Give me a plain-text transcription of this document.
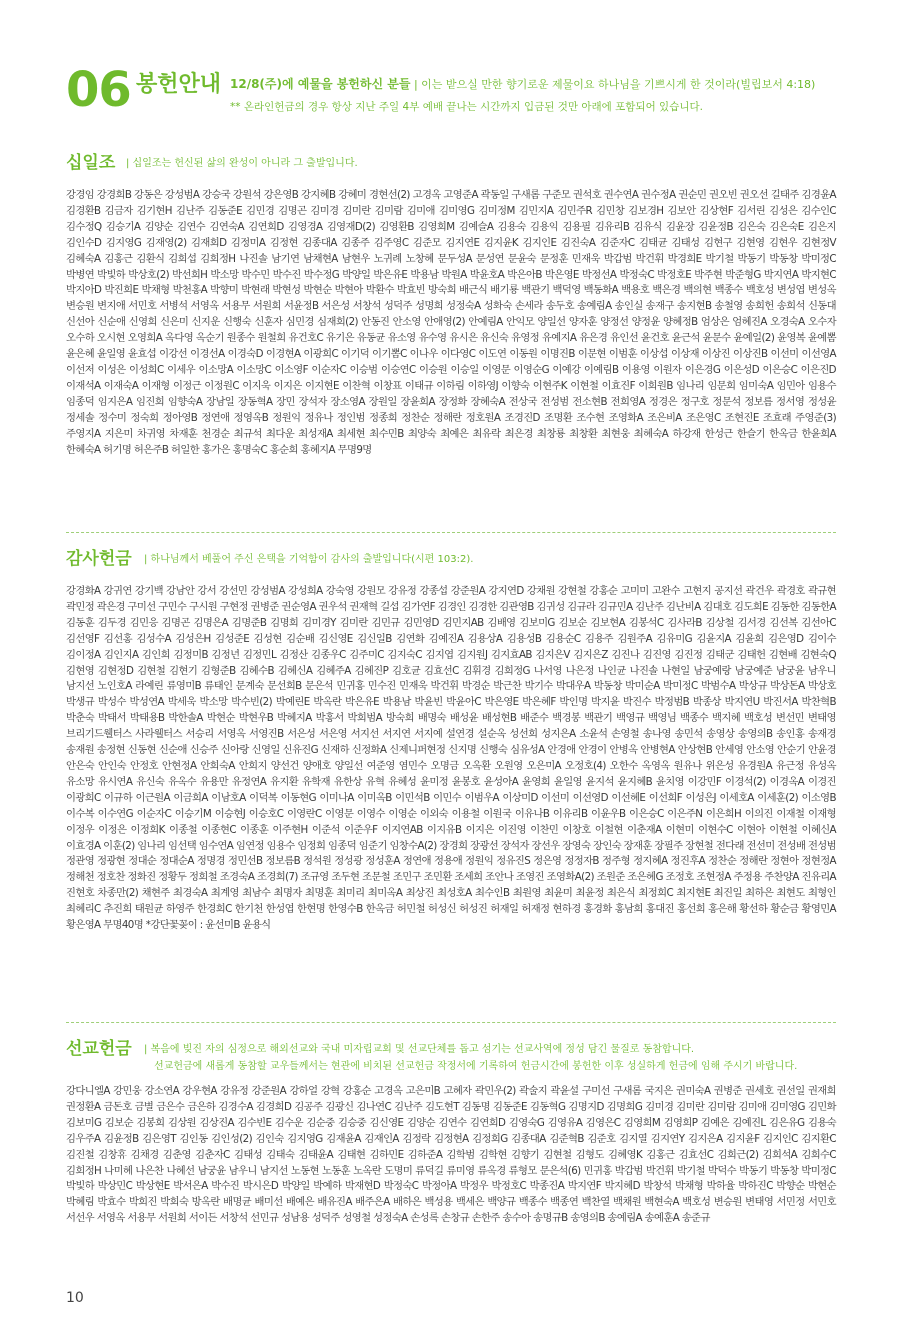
06 봉헌안내 12/8(주)에 예물을 봉헌하신 분들 | 이는 받으실 만한 향기로운 제물이요 하나님을 기쁘시게 한 것이라(빌립보서 4:18)
** 온라인헌금의 경우 항상 지난 주일 4부 예배 끝나는 시간까지 입금된 것만 아래에 포함되어 있습니다.
십일조 | 십일조는 헌신된 삶의 완성이 아니라 그 출발입니다.
강경임 강경희B 강동은 강성범A 강승국 강원석 강은영B 강지혜B 강혜미 경현선(2) 고경옥 고영준A 곽동일 구새롬 구준모 권석호 권수연A 권수정A 권순민 권오빈 권오선 길태주 김경윤A 김경환B 김금자 김기현H 김난주 김동준E 김민경 김명곤 김미경 김미란 김미람 김미애 김미영G 김미정M 김민지A 김민주R 김민창 김보경H 김보안 김상현F 김서린 김성은 김수인C 김수정Q 김승기A 김양순 김연수 김연숙A 김연희D 김영경A 김영재D(2) 김영환B 김영희M 김예슬A 김용숙 김용익 김용필 김유리B 김유식 김윤장 김윤정B 김은숙 김은숙E 김은지 김인수D 김지영G 김재영(2) 김재희D 김정미A 김정현 김종대A 김종주 김주영C 김준모 김지연E 김지윤K 김지인E 김진숙A 김준자C 김태균 김태성 김현구 김현영 김현우 김현정V 김혜숙A 김홍근 김환식 김희섭 김희정H 나진솔 남기연 남채현A 남현우 노귀례 노창혜 문두성A 문성연 문윤숙 문정훈 민재욱 박갑범 박건휘 박경희E 박기철 박동기 박동창 박미정C 박병연 박빛하 박상호(2) 박선희H 박소망 박수민 박수진 박수정G 박양일 박은유E 박용남 박원A 박윤호A 박은아B 박은영E 박정선A 박정숙C 박정호E 박주현 박준형G 박지연A 박지현C 박지아D 박진희E 박채형 박천홍A 박향미 박현래 박현성 박현순 박현아 박환수 박효빈 방숙희 배근식 배기룡 백관기 백덕영 백동화A 백용호 백은경 백의현 백종수 백호성 변성엽 변성옥 변승원 변지애 서민호 서병석 서영옥 서용무 서원희 서윤정B 서은성 서창석 성덕주 성명희 성정숙A 성화숙 손세라 송두호 송예림A 송인실 송재구 송지현B 송철영 송희헌 송희석 신동대 신선아 신순애 신영희 신은미 신지운 신행숙 신훈자 심민경 심재희(2) 안동진 안소영 안애영(2) 안예림A 안익모 양일선 양자훈 양정선 양정윤 양혜정B 엄상은 엄혜진A 오경숙A 오수자 오수하 오시현 오영희A 옥다영 옥순기 원종수 원철희 유건호C 유기은 유동균 유소영 유수영 유시은 유신숙 유영정 유예지A 유은경 유인선 윤건호 윤근석 윤문수 윤예일(2) 윤영복 윤예뽐 윤은혜 윤일영 윤효섭 이강선 이경선A 이경숙D 이경현A 이광희C 이기덕 이기뽐C 이나우 이다영C 이도연 이동원 이명진B 이문현 이범훈 이상섭 이상재 이상진 이상진B 이선미 이선영A 이선저 이성은 이성희C 이세우 이소망A 이소망C 이소영F 이순자C 이승범 이승연C 이승원 이승일 이영문 이영순G 이예강 이예림B 이용영 이원자 이은경G 이은성D 이은승C 이은진D 이재석A 이재숙A 이재형 이정근 이정원C 이지욱 이지은 이지현E 이찬혁 이창표 이태규 이하림 이하영J 이향숙 이현주K 이현철 이효진F 이희원B 임나리 임문희 임미숙A 임민아 임용수 임종덕 임지은A 임진희 임향숙A 장남일 장동혁A 장민 장석자 장소영A 장원일 장윤희A 장정화 장혜숙A 전상국 전성범 전소현B 전희영A 정경은 정구호 정문석 정보름 정서영 정성윤 정세솔 정수미 정숙희 정아영B 정연애 정영옥B 정원익 정유나 정인범 정종희 정찬순 정해란 정호원A 조경진D 조명환 조수현 조영화A 조은비A 조은영C 조현진E 조효래 주영준(3) 주영지A 지은미 차귀영 차재훈 천경순 최규석 최다운 최성재A 최세현 최수민B 최양숙 최예은 최유락 최은경 최창룡 최창환 최현웅 최혜숙A 하강재 한성근 한슬기 한옥금 한윤희A 한혜숙A 허기명 허은주B 허일한 홍가은 홍명숙C 홍순희 홍혜지A 무명9명
감사헌금 | 하나님께서 베풀어 주신 은택을 기억함이 감사의 출발입니다(시편 103:2).
강경화A 강귀연 강기백 강남안 강서 강선민 강성범A 강성희A 강숙영 강원모 강유정 강종섭 강준원A 강지연D 강채원 강현철 강홍순 고미미 고완수 고현지 공지선 곽건우 곽경호 곽규현 곽민정 곽은경 구미선 구민수 구시원 구현정 권병준 권순영A 권우석 권재혁 길섭 김가연F 김경인 김경한 김관영B 김귀성 김규라 김규민A 김난주 김난비A 김대호 김도희E 김동한 김동한A 김동훈 김두경 김민응 김명곤 김명은A 김명준B 김명희 김미경Y 김미란 김민규 김민영D 김민지AB 김배영 김보미G 김보순 김보현A 김봉석C 김사라B 김상철 김서경 김선복 김선아C 김선영F 김선홍 김성수A 김성은H 김성준E 김성현 김순배 김신영E 김신일B 김연화 김예진A 김용상A 김용성B 김용순C 김용주 김원주A 김유미G 김윤지A 김윤희 김은영D 김이수 김이정A 김인지A 김인희 김정미B 김정년 김정민L 김정산 김종우C 김주미C 김지숙C 김지엽 김지원J 김지효AB 김지은V 김지은Z 김진나 김진영 김진정 김태군 김태헌 김현배 김현숙Q 김현영 김현정D 김현철 김현기 김형준B 김혜수B 김혜신A 김혜주A 김혜진P 김호균 김효선C 김휘경 김희정G 나서영 나은정 나인균 나진솔 나현일 남궁예랑 남궁예준 남궁윤 남우니 남지선 노인호A 라예린 류영미B 류태인 문계숙 문선희B 문은석 민귀홍 민수진 민재욱 박건휘 박경순 박근찬 박기수 박대우A 박동창 박미순A 박미정C 박범수A 박상규 박상돈A 박상호 박생규 박성수 박성연A 박세욱 박소망 박수빈(2) 박예린E 박옥란 박은유E 박용남 박윤빈 박윤아C 박은영E 박은혜F 박인명 박지윤 박진수 박정범B 박종상 박지연U 박진서A 박찬혁B 박춘숙 박태서 박태용B 박한솔A 박현순 박현우B 박혜지A 박홍서 박희범A 방숙희 배명숙 배성윤 배성현B 배준수 백경봉 백관기 백영규 백영님 백종수 백지혜 백호성 변선민 변태영 브리기드웰터스 사라웰터스 서승리 서영옥 서영진B 서은성 서은영 서지선 서지연 서지예 설연경 설순옥 성선희 성지은A 소윤석 손영철 송나영 송민석 송영상 송영의B 송인홍 송재경 송재원 송정현 신동현 신순애 신승주 신아랑 신영일 신유진G 신재하 신정화A 신제니퍼현정 신지명 신행숙 심유성A 안경애 안경이 안병옥 안병현A 안상현B 안세영 안소영 안순기 안윤경 안은숙 안인숙 안정호 안현정A 안희숙A 안희지 양선건 양애호 양일선 여준영 염민수 오명금 오옥환 오원영 오은미A 오정호(4) 오한수 옥영옥 원유나 위은성 유경원A 유근정 유성옥 유소망 유시연A 유신숙 유옥수 유용만 유정연A 유지환 유학재 유한상 유혁 유혜성 윤미정 윤봉호 윤성아A 윤영희 윤일영 윤지석 윤지혜B 윤치영 이강민F 이경석(2) 이경옥A 이경진 이광희C 이규하 이근원A 이금희A 이남호A 이덕복 이동현G 이미나A 이미옥B 이민석B 이민수 이범우A 이상미D 이선미 이선영D 이선혜E 이선희F 이성은J 이세호A 이세훈(2) 이소영B 이수복 이수연G 이순자C 이승기M 이승현J 이승호C 이영란C 이영문 이영수 이영순 이외숙 이용철 이원국 이유나B 이유리B 이윤우B 이은승C 이은주N 이은희H 이의진 이재철 이재형 이정우 이정은 이정희K 이종철 이종현C 이종훈 이주현H 이준석 이준우F 이지연AB 이지유B 이지은 이진영 이찬민 이창호 이철현 이춘재A 이현미 이현수C 이현아 이현철 이혜신A 이효경A 이훈(2) 임나리 임선택 임수연A 임연정 임용수 임정희 임종덕 임준기 임창수A(2) 장경희 장광선 장석자 장선우 장영숙 장인숙 장재훈 장필주 장현철 전다래 전선미 전성배 전성범 정관영 정광현 정대순 정대순A 정명경 정민선B 정보름B 정석원 정성광 정성훈A 정연애 정용애 정원익 정유진S 정은영 정정자B 정주형 정지혜A 정진후A 정찬순 정해란 정현아 정현정A 정해천 정호찬 정화진 정황두 정희철 조경숙A 조경희(7) 조규영 조두현 조문철 조민구 조민환 조세희 조안나 조영진 조영화A(2) 조원준 조은혜G 조정호 조현정A 주정용 주찬양A 진유리A 진현호 차종만(2) 채현주 최경숙A 최계영 최남수 최명자 최명훈 최미리 최미옥A 최상진 최성호A 최수인B 최원영 최윤미 최윤정 최은식 최정희C 최지현E 최진일 최하은 최현도 최형인 최혜리C 추진희 태원균 하영주 한경희C 한기천 한성엽 한현명 한영수B 한옥금 허민철 허성신 허성진 허재일 허재정 현하경 홍경화 홍남희 홍대진 홍선희 홍은해 황선하 황순금 황영민A 황은영A 무명40명 *강단꽃꽂이 : 윤선미B 윤용식
선교헌금 | 복음에 빚진 자의 심정으로 해외선교와 국내 미자립교회 및 선교단체를 돕고 섬기는 선교사역에 정성 담긴 물질로 동참합니다.
선교헌금에 새롭게 동참할 교우들께서는 현관에 비치된 선교헌금 작정서에 기록하여 헌금시간에 봉헌한 이후 성실하게 헌금에 임해 주시기 바랍니다.
강다니엘A 강민웅 강소연A 강우현A 강유정 강준원A 강하얼 강혁 강홍순 고경옥 고은미B 고혜자 곽민우(2) 곽술지 곽윤설 구미선 구새롬 국지은 권미숙A 권병준 권세호 권선일 권재희 권정환A 금돈호 금별 금은수 금은하 김경수A 김경희D 김공주 김광신 김나연C 김난주 김도현T 김동명 김동준E 김동혁G 김명지D 김명희G 김미경 김미란 김미람 김미애 김미영G 김민화 김보미G 김보순 김봉희 김상원 김상진A 김수빈E 김수운 김순중 김승중 김신영E 김양순 김연수 김연희D 김영숙G 김영유A 김영은C 김영희M 김영희P 김예은 김예진L 김은유G 김용숙 김우주A 김윤정B 김은영T 김인동 김인성(2) 김인숙 김지영G 김재윤A 김재인A 김정락 김정현A 김정희G 김종대A 김준혁B 김준호 김지열 김지연Y 김지은A 김지윤F 김지인C 김지환C 김진철 김창휴 김채경 김춘영 김춘자C 김태성 김태숙 김태윤A 김태현 김하민E 김하준A 김학범 김학현 김향기 김현철 김형도 김혜영K 김홍근 김효선C 김희근(2) 김희석A 김희수C 김희정H 나미혜 나은찬 나혜선 남궁윤 남우니 남지선 노동현 노동훈 노옥란 도명미 류덕길 류미영 류옥경 류형모 문은석(6) 민귀홍 박갑범 박건휘 박기철 박덕수 박동기 박동창 박미정C 박빛하 박상민C 박상현E 박서은A 박수진 박시은D 박양일 박예하 박재현D 박정숙C 박정아A 박정우 박정호C 박종진A 박지연F 박지혜D 박창석 박채형 박하율 박하진C 박향순 박현순 박혜림 박효수 박희진 박희숙 방옥란 배명균 배미선 배예은 배유진A 배주은A 배하은 백성용 백세은 백양규 백종수 백종연 백찬열 백채원 백현숙A 백호성 변승원 변태영 서민정 서민호 서선우 서영옥 서용무 서원희 서이든 서창석 선민규 성남용 성덕주 성영철 성정숙A 손성록 손창규 손한주 송수아 송명규B 송영의B 송예림A 송예훈A 송준규
10
